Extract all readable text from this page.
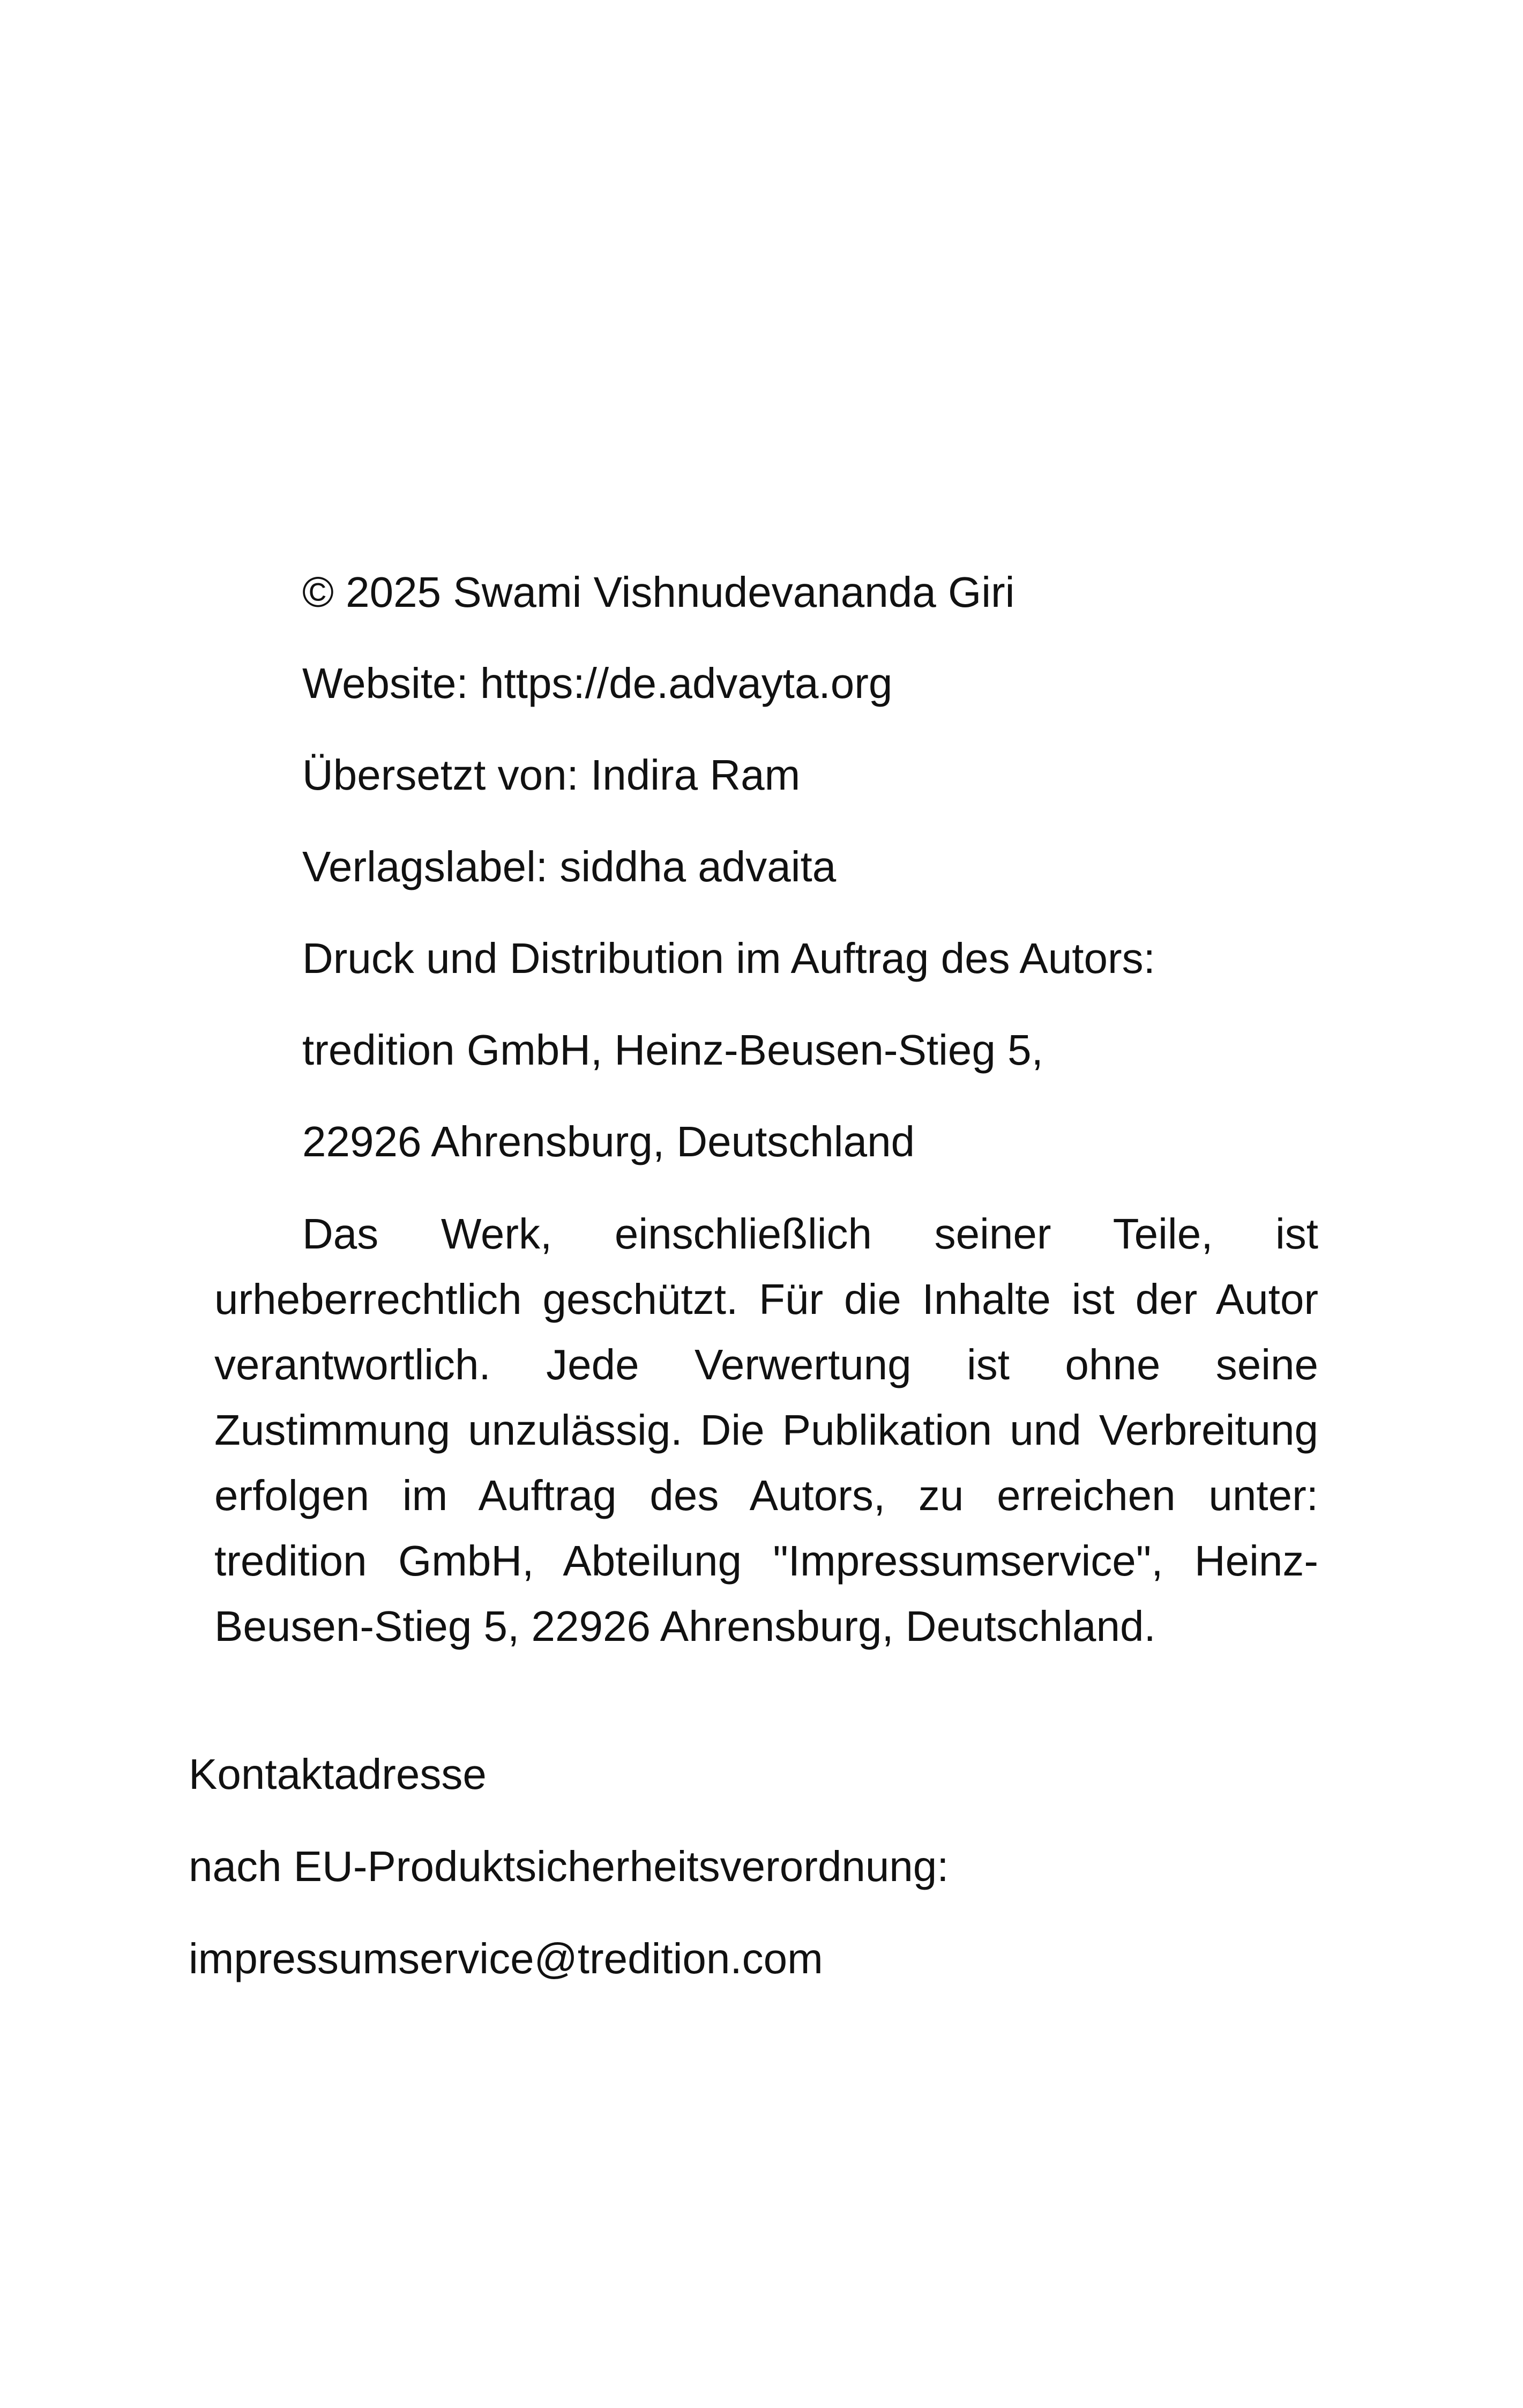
© 2025 Swami Vishnudevananda Giri
Website: https://de.advayta.org
Übersetzt von: Indira Ram
Verlagslabel: siddha advaita
Druck und Distribution im Auftrag des Autors:
tredition GmbH, Heinz-Beusen-Stieg 5,
22926 Ahrensburg, Deutschland
Das Werk, einschließlich seiner Teile, ist urheberrechtlich geschützt. Für die Inhalte ist der Autor verantwortlich. Jede Verwertung ist ohne seine Zustimmung unzulässig. Die Publikation und Verbreitung erfolgen im Auftrag des Autors, zu erreichen unter: tredition GmbH, Abteilung "Impressumservice", Heinz-Beusen-Stieg 5, 22926 Ahrensburg, Deutschland.
Kontaktadresse
nach EU-Produktsicherheitsverordnung:
impressumservice@tredition.com
